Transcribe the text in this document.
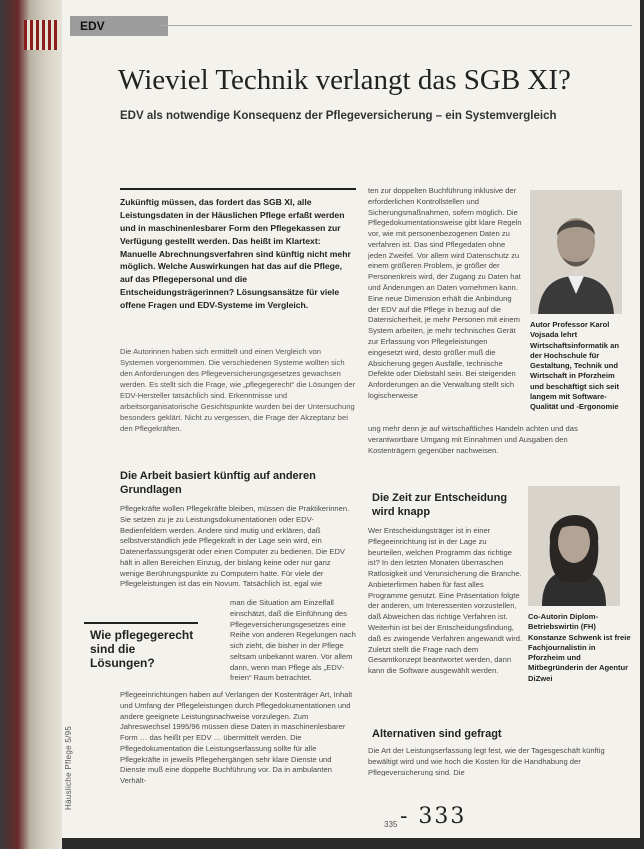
EDV
Wieviel Technik verlangt das SGB XI?
EDV als notwendige Konsequenz der Pflegeversicherung – ein Systemvergleich
Zukünftig müssen, das fordert das SGB XI, alle Leistungsdaten in der Häuslichen Pflege erfaßt werden und in maschinenlesbarer Form den Pflegekassen zur Verfügung gestellt werden. Das heißt im Klartext: Manuelle Abrechnungsverfahren sind künftig nicht mehr möglich. Welche Auswirkungen hat das auf die Pflege, auf das Pflegepersonal und die Entscheidungsträgerinnen? Lösungsansätze für viele offene Fragen und EDV-Systeme im Vergleich.
Die Autorinnen haben sich ermittelt und einen Vergleich von Systemen vorgenommen. Die verschiedenen Systeme wollten sich den Anforderungen des Pflegeversicherungsgesetzes gewachsen werden. Es stellt sich die Frage, wie „pflegegerecht“ die Lösungen der EDV-Hersteller tatsächlich sind. Erkenntnisse und arbeitsorganisatorische Gesichtspunkte wurden bei der Untersuchung besonders geklärt. Nicht zu vergessen, die Frage der Akzeptanz bei den Pflegekräften.
Die Arbeit basiert künftig auf anderen Grundlagen
Pflegekräfte wollen Pflegekräfte bleiben, müssen die Praktikerinnen. Sie setzen zu je zu Leistungsdokumentationen oder EDV-Bedienfeldern werden. Andere sind mutig und erklären, daß selbstverständlich jede Pflegekraft in der Lage sein wird, ein Datenerfassungsgerät oder einen Computer zu bedienen. Die EDV hält in allen Bereichen Einzug, der bislang keine oder nur ganz wenige Berührungspunkte zu Computern hatte. Für viele der Pflegeleistungen ist das ein Novum. Tatsächlich ist, egal wie
man die Situation am Einzelfall einschätzt, daß die Einführung des Pflegeversicherungsgesetzes eine Reihe von anderen Regelungen nach sich zieht, die bisher in der Pflege seltsam unbekannt waren. Vor allem dann, wenn man Pflege als „EDV-freien“ Raum betrachtet.
Wie pflegegerecht sind die Lösungen?
Pflegeeinrichtungen haben auf Verlangen der Kostenträger Art, Inhalt und Umfang der Pflegeleistungen durch Pflegedokumentationen und andere geeignete Leistungsnachweise vorzulegen. Zum Jahreswechsel 1995/96 müssen diese Daten in maschinenlesbarer Form … das heißt per EDV … übermittelt werden. Die Pflegedokumentation die Leistungserfassung sollte für alle Pflegekräfte in jeweils Pflegehergängen sehr klare Dienste und Dienste muß eine doppelte Buchführung vor. Da in ambulanten Verhält-
ten zur doppelten Buchführung inklusive der erforderlichen Kontrollstellen und Sicherungsmaßnahmen, sofern möglich. Die Pflegedokumentationsweise gibt klare Regeln vor, wie mit personenbezogenen Daten zu verfahren ist. Das sind Pflegedaten ohne jeden Zweifel. Vor allem wird Datenschutz zu einem größeren Problem, je größer der Personenkreis wird, der Zugang zu Daten hat und Änderungen an Daten vornehmen kann. Eine neue Dimension erhält die Anbindung der EDV auf die Pflege in bezug auf die Datensicherheit, je mehr Personen mit einem System arbeiten, je mehr technisches Gerät zur Erfassung von Pflegeleistungen eingesetzt wird, desto größer muß die Absicherung gegen Ausfälle, technische Defekte oder Diebstahl sein. Bei steigenden Anforderungen an die Verwaltung stellt sich logischerweise
ung mehr denn je auf wirtschaftliches Handeln achten und das verantwortbare Umgang mit Einnahmen und Ausgaben den Kostenträgern gegenüber nachweisen.
Autor Professor Karol Vojsada lehrt Wirtschaftsinformatik an der Hochschule für Gestaltung, Technik und Wirtschaft in Pforzheim und beschäftigt sich seit langem mit Software-Qualität und -Ergonomie
Die Zeit zur Entscheidung wird knapp
Wer Entscheidungsträger ist in einer Pflegeeinrichtung ist in der Lage zu beurteilen, welchen Programm das richtige ist? In den letzten Monaten überraschen Ratlosigkeit und Verunsicherung die Branche. Anbieterfirmen haben für fast alles Programme genutzt. Eine Präsentation folgte der anderen, um Interessenten vorzustellen, daß Abweichen das richtige Verfahren ist. Weiterhin ist bei der Entscheidungsfindung, daß es zwingende Verfahren angewandt wird. Zuletzt stellt die Frage nach dem Gesamtkonzept beantwortet werden, dann kann die Software ausgewählt werden.
Co-Autorin Diplom-Betriebswirtin (FH) Konstanze Schwenk ist freie Fachjournalistin in Pforzheim und Mitbegründerin der Agentur DiZwei
Alternativen sind gefragt
Die Art der Leistungserfassung legt fest, wie der Tagesgeschäft künftig bewältigt wird und wie hoch die Kosten für die Handhabung der Pflegeversicherung sind. Die
Häusliche Pflege 5/95
335 - 333
